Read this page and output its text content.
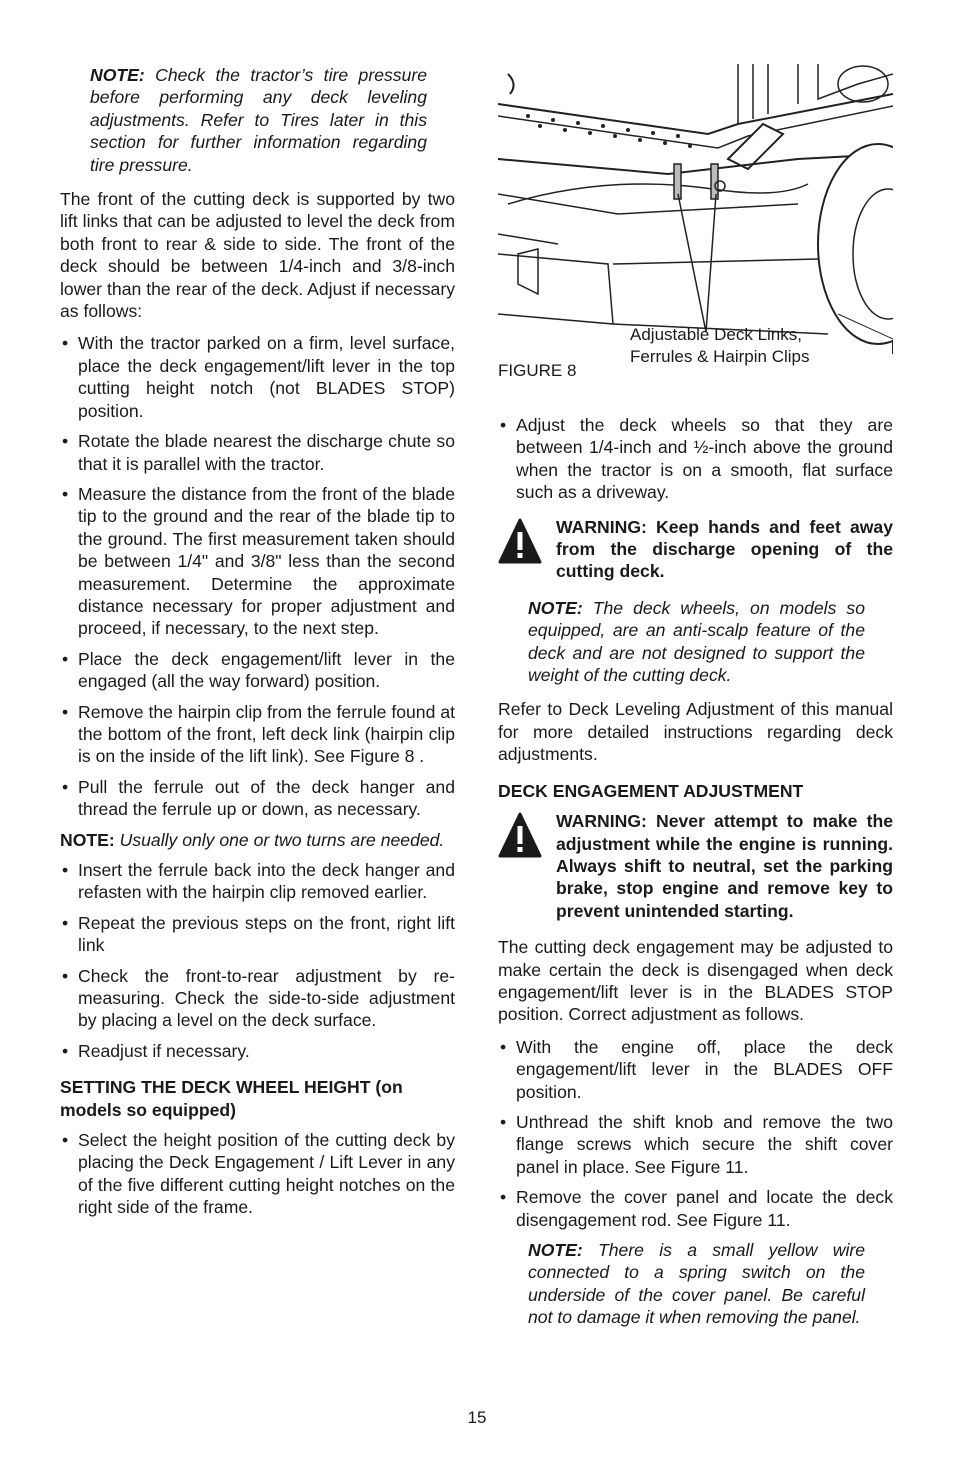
NOTE: Check the tractor’s tire pressure before performing any deck leveling adjustments. Refer to Tires later in this section for further information regarding tire pressure.

The front of the cutting deck is supported by two lift links that can be adjusted to level the deck from both front to rear & side to side. The front of the deck should be between 1/4-inch and 3/8-inch lower than the rear of the deck. Adjust if necessary as follows:

• With the tractor parked on a firm, level surface, place the deck engagement/lift lever in the top cutting height notch (not BLADES STOP) position.
• Rotate the blade nearest the discharge chute so that it is parallel with the tractor.
• Measure the distance from the front of the blade tip to the ground and the rear of the blade tip to the ground. The first measurement taken should be between 1/4" and 3/8" less than the second measurement. Determine the approximate distance necessary for proper adjustment and proceed, if necessary, to the next step.
• Place the deck engagement/lift lever in the engaged (all the way forward) position.
• Remove the hairpin clip from the ferrule found at the bottom of the front, left deck link (hairpin clip is on the inside of the lift link). See Figure 8 .
• Pull the ferrule out of the deck hanger and thread the ferrule up or down, as necessary.

NOTE: Usually only one or two turns are needed.

• Insert the ferrule back into the deck hanger and refasten with the hairpin clip removed earlier.
• Repeat the previous steps on the front, right lift link
• Check the front-to-rear adjustment by re-measuring. Check the side-to-side adjustment by placing a level on the deck surface.
• Readjust if necessary.

SETTING THE DECK WHEEL HEIGHT (on models so equipped)

• Select the height position of the cutting deck by placing the Deck Engagement / Lift Lever in any of the five different cutting height notches on the right side of the frame.
Adjustable Deck Links,
Ferrules & Hairpin Clips
FIGURE 8
• Adjust the deck wheels so that they are between 1/4-inch and ½-inch above the ground when the tractor is on a smooth, flat surface such as a driveway.
WARNING: Keep hands and feet away from the discharge opening of the cutting deck.

NOTE: The deck wheels, on models so equipped, are an anti-scalp feature of the deck and are not designed to support the weight of the cutting deck.

Refer to Deck Leveling Adjustment of this manual for more detailed instructions regarding deck adjustments.

DECK ENGAGEMENT ADJUSTMENT

WARNING: Never attempt to make the adjustment while the engine is running. Always shift to neutral, set the parking brake, stop engine and remove key to prevent unintended starting.

The cutting deck engagement may be adjusted to make certain the deck is disengaged when deck engagement/lift lever is in the BLADES STOP position. Correct adjustment as follows.

• With the engine off, place the deck engagement/lift lever in the BLADES OFF position.
• Unthread the shift knob and remove the two flange screws which secure the shift cover panel in place. See Figure 11.
• Remove the cover panel and locate the deck disengagement rod. See Figure 11.

NOTE: There is a small yellow wire connected to a spring switch on the underside of the cover panel. Be careful not to damage it when removing the panel.

15
